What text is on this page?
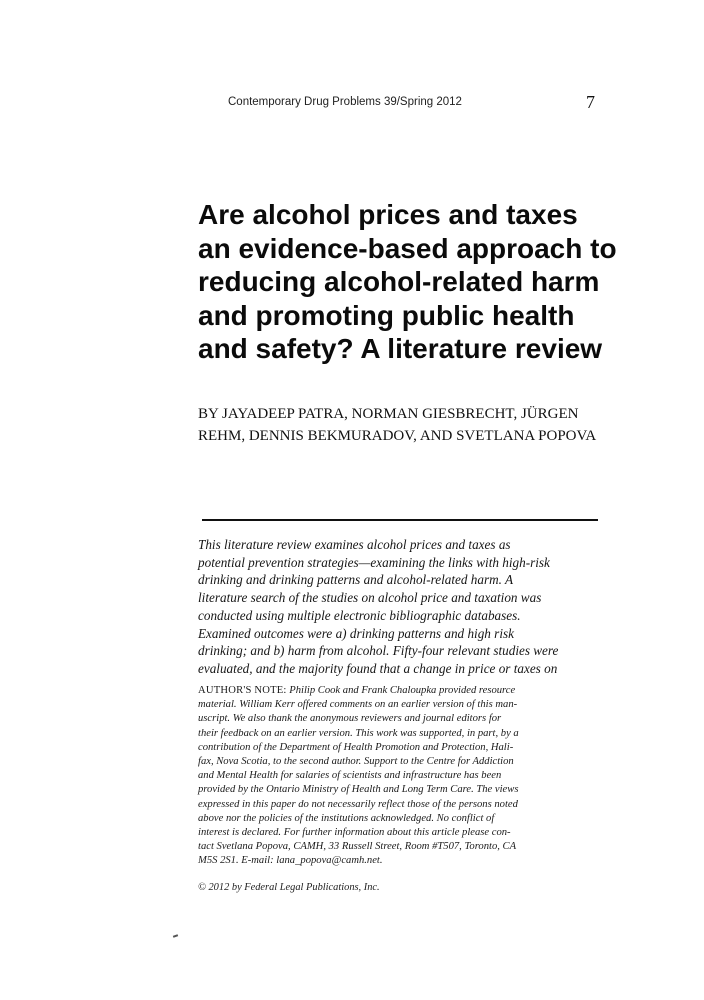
Contemporary Drug Problems 39/Spring 2012	7
Are alcohol prices and taxes
an evidence-based approach to
reducing alcohol-related harm
and promoting public health
and safety? A literature review

BY JAYADEEP PATRA, NORMAN GIESBRECHT, JÜRGEN
REHM, DENNIS BEKMURADOV, AND SVETLANA POPOVA

This literature review examines alcohol prices and taxes as
potential prevention strategies—examining the links with high-risk
drinking and drinking patterns and alcohol-related harm. A
literature search of the studies on alcohol price and taxation was
conducted using multiple electronic bibliographic databases.
Examined outcomes were a) drinking patterns and high risk
drinking; and b) harm from alcohol. Fifty-four relevant studies were
evaluated, and the majority found that a change in price or taxes on

AUTHOR'S NOTE: Philip Cook and Frank Chaloupka provided resource
material. William Kerr offered comments on an earlier version of this man-
uscript. We also thank the anonymous reviewers and journal editors for
their feedback on an earlier version. This work was supported, in part, by a
contribution of the Department of Health Promotion and Protection, Hali-
fax, Nova Scotia, to the second author. Support to the Centre for Addiction
and Mental Health for salaries of scientists and infrastructure has been
provided by the Ontario Ministry of Health and Long Term Care. The views
expressed in this paper do not necessarily reflect those of the persons noted
above nor the policies of the institutions acknowledged. No conflict of
interest is declared. For further information about this article please con-
tact Svetlana Popova, CAMH, 33 Russell Street, Room #T507, Toronto, CA
M5S 2S1. E-mail: lana_popova@camh.net.

© 2012 by Federal Legal Publications, Inc.
